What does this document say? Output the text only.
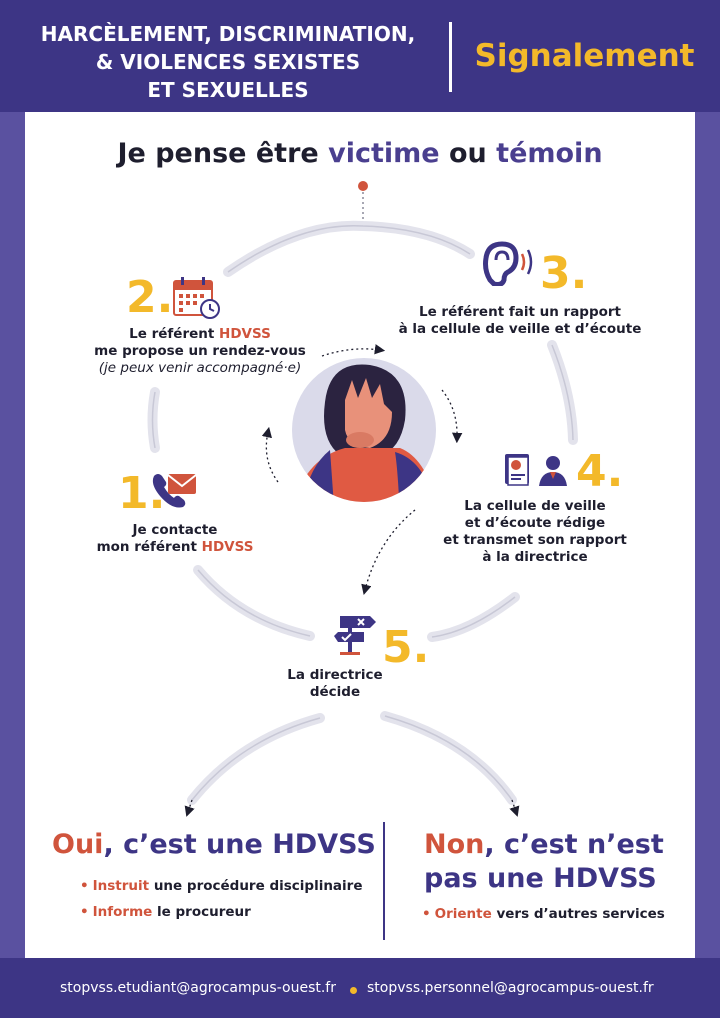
HARCÈLEMENT, DISCRIMINATION,
& VIOLENCES SEXISTES
ET SEXUELLES
Signalement
Je pense être victime ou témoin
2.	3.
4.
1.
5.
Le référent HDVSS
me propose un rendez-vous
(je peux venir accompagné·e)
Le référent fait un rapport
à la cellule de veille et d’écoute
La cellule de veille
et d’écoute rédige
et transmet son rapport
à la directrice
Je contacte
mon référent HDVSS
La directrice
décide
Oui, c’est une HDVSS
• Instruit une procédure disciplinaire
• Informe le procureur
Non, c’est n’est
pas une HDVSS
• Oriente vers d’autres services
stopvss.etudiant@agrocampus-ouest.fr stopvss.personnel@agrocampus-ouest.fr
